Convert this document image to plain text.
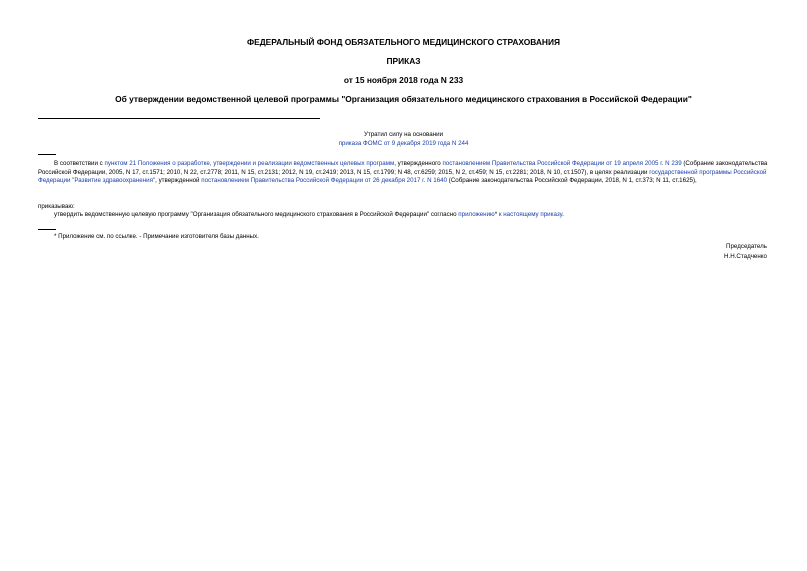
ФЕДЕРАЛЬНЫЙ ФОНД ОБЯЗАТЕЛЬНОГО МЕДИЦИНСКОГО СТРАХОВАНИЯ
ПРИКАЗ
от 15 ноября 2018 года N 233
Об утверждении ведомственной целевой программы "Организация обязательного медицинского страхования в Российской Федерации"
Утратил силу на основании
приказа ФОМС от 9 декабря 2019 года N 244
В соответствии с пунктом 21 Положения о разработке, утверждении и реализации ведомственных целевых программ, утвержденного постановлением Правительства Российской Федерации от 19 апреля 2005 г. N 239 (Собрание законодательства Российской Федерации, 2005, N 17, ст.1571; 2010, N 22, ст.2778; 2011, N 15, ст.2131; 2012, N 19, ст.2419; 2013, N 15, ст.1799; N 48, ст.6259; 2015, N 2, ст.459; N 15, ст.2281; 2018, N 10, ст.1507), в целях реализации государственной программы Российской Федерации "Развитие здравоохранения", утвержденной постановлением Правительства Российской Федерации от 26 декабря 2017 г. N 1640 (Собрание законодательства Российской Федерации, 2018, N 1, ст.373; N 11, ст.1625),
приказываю:
утвердить ведомственную целевую программу "Организация обязательного медицинского страхования в Российской Федерации" согласно приложению* к настоящему приказу.
* Приложение см. по ссылке. - Примечание изготовителя базы данных.
Председатель
Н.Н.Стадченко
